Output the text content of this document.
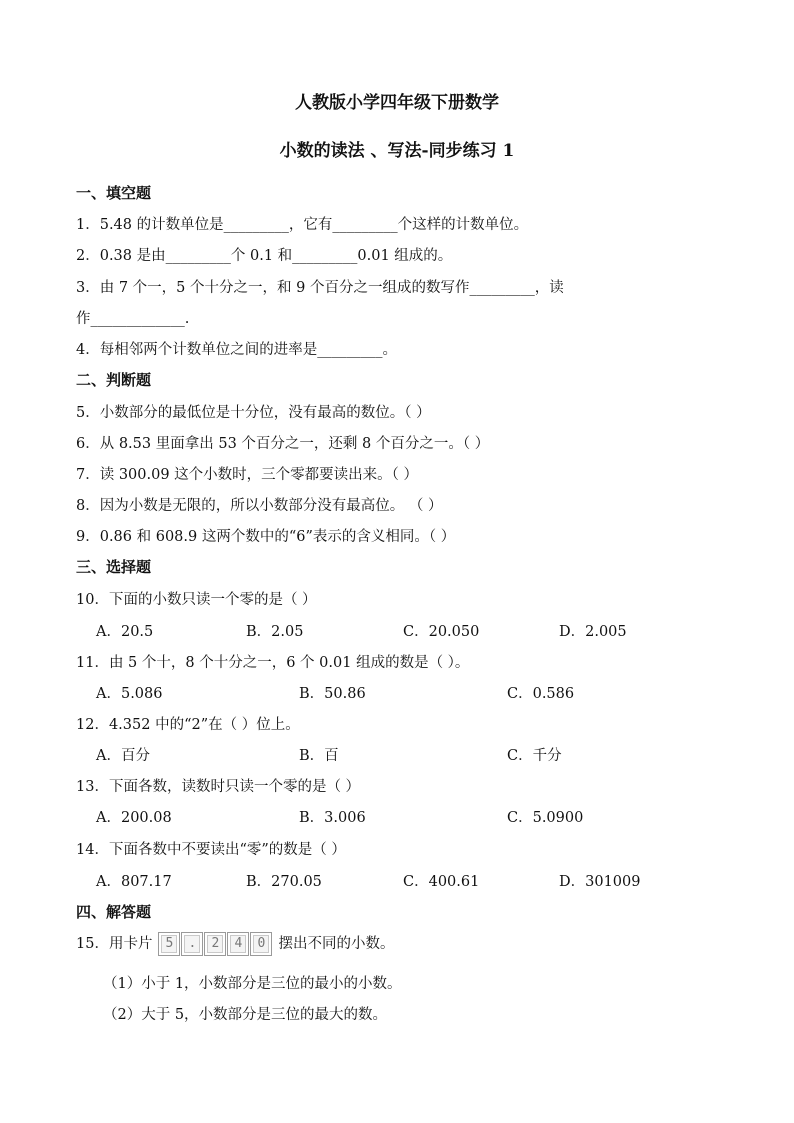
人教版小学四年级下册数学
小数的读法 、写法-同步练习 1
一、填空题
1．5.48 的计数单位是_________，它有_________个这样的计数单位。
2．0.38 是由_________个 0.1 和_________0.01 组成的。
3．由 7 个一，5 个十分之一，和 9 个百分之一组成的数写作_________，读
作_____________.
4．每相邻两个计数单位之间的进率是_________。
二、判断题
5．小数部分的最低位是十分位，没有最高的数位。（ ）
6．从 8.53 里面拿出 53 个百分之一，还剩 8 个百分之一。（ ）
7．读 300.09 这个小数时，三个零都要读出来。（ ）
8．因为小数是无限的，所以小数部分没有最高位。 （ ）
9．0.86 和 608.9 这两个数中的“6”表示的含义相同。（ ）
三、选择题
10．下面的小数只读一个零的是（ ）
A．20.5	B．2.05	C．20.050	D．2.005
11．由 5 个十，8 个十分之一，6 个 0.01 组成的数是（ ）。
A．5.086	B．50.86	C．0.586
12．4.352 中的“2”在（ ）位上。
A．百分	B．百	C．千分
13．下面各数，读数时只读一个零的是（ ）
A．200.08	B．3.006	C．5.0900
14．下面各数中不要读出“零”的数是（ ）
A．807.17	B．270.05	C．400.61	D．301009
四、解答题
15．用卡片	5	.	2	4	0 摆出不同的小数。
（1）小于 1，小数部分是三位的最小的小数。
（2）大于 5，小数部分是三位的最大的数。
